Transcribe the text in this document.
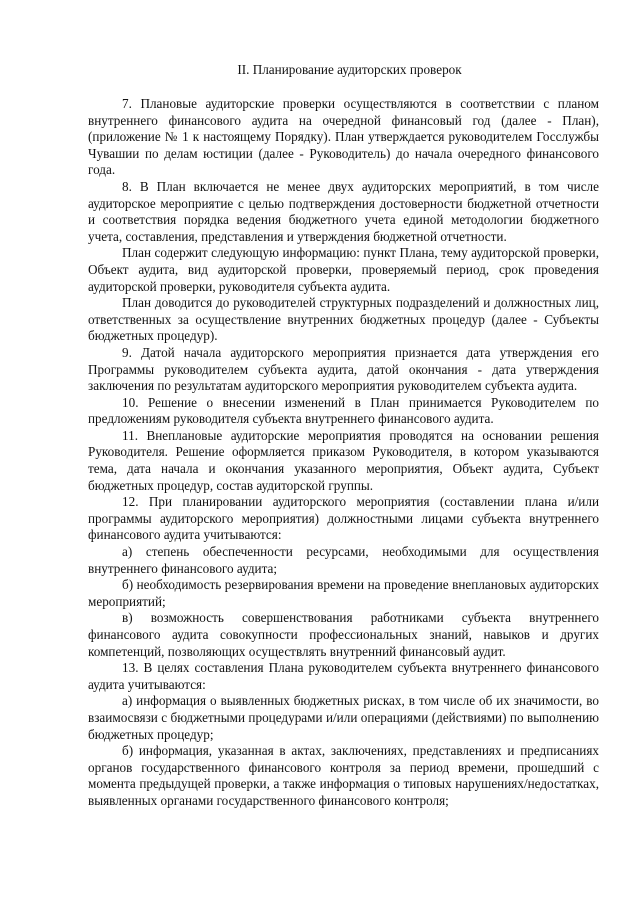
II. Планирование аудиторских проверок

7. Плановые аудиторские проверки осуществляются в соответствии с планом внутреннего финансового аудита на очередной финансовый год (далее - План), (приложение № 1 к настоящему Порядку). План утверждается руководителем Госслужбы Чувашии по делам юстиции (далее - Руководитель) до начала очередного финансового года.

8. В План включается не менее двух аудиторских мероприятий, в том числе аудиторское мероприятие с целью подтверждения достоверности бюджетной отчетности и соответствия порядка ведения бюджетного учета единой методологии бюджетного учета, составления, представления и утверждения бюджетной отчетности.

План содержит следующую информацию: пункт Плана, тему аудиторской проверки, Объект аудита, вид аудиторской проверки, проверяемый период, срок проведения аудиторской проверки, руководителя субъекта аудита.

План доводится до руководителей структурных подразделений и должностных лиц, ответственных за осуществление внутренних бюджетных процедур (далее - Субъекты бюджетных процедур).

9. Датой начала аудиторского мероприятия признается дата утверждения его Программы руководителем субъекта аудита, датой окончания - дата утверждения заключения по результатам аудиторского мероприятия руководителем субъекта аудита.

10. Решение о внесении изменений в План принимается Руководителем по предложениям руководителя субъекта внутреннего финансового аудита.

11. Внеплановые аудиторские мероприятия проводятся на основании решения Руководителя. Решение оформляется приказом Руководителя, в котором указываются тема, дата начала и окончания указанного мероприятия, Объект аудита, Субъект бюджетных процедур, состав аудиторской группы.

12. При планировании аудиторского мероприятия (составлении плана и/или программы аудиторского мероприятия) должностными лицами субъекта внутреннего финансового аудита учитываются:

а) степень обеспеченности ресурсами, необходимыми для осуществления внутреннего финансового аудита;

б) необходимость резервирования времени на проведение внеплановых аудиторских мероприятий;

в) возможность совершенствования работниками субъекта внутреннего финансового аудита совокупности профессиональных знаний, навыков и других компетенций, позволяющих осуществлять внутренний финансовый аудит.

13. В целях составления Плана руководителем субъекта внутреннего финансового аудита учитываются:

а) информация о выявленных бюджетных рисках, в том числе об их значимости, во взаимосвязи с бюджетными процедурами и/или операциями (действиями) по выполнению бюджетных процедур;

б) информация, указанная в актах, заключениях, представлениях и предписаниях органов государственного финансового контроля за период времени, прошедший с момента предыдущей проверки, а также информация о типовых нарушениях/недостатках, выявленных органами государственного финансового контроля;
